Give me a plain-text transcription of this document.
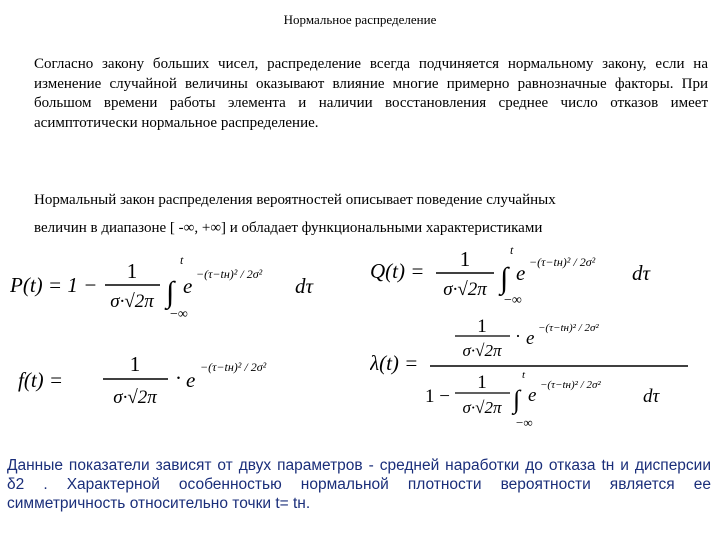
Нормальное распределение
Согласно закону больших чисел, распределение всегда подчиняется нормальному закону, если на изменение случайной величины оказывают влияние многие примерно равнозначные факторы. При большом времени работы элемента и наличии восстановления среднее число отказов имеет асимптотически нормальное распределение.
Нормальный закон распределения вероятностей описывает поведение случайных
величин в диапазоне [ -∞, +∞] и обладает функциональными характеристиками
P(t) = 1 −
1
σ·√2π
t
∫
−∞
e −(τ−tн)² / 2σ² dτ
Q(t) = 1
σ·√2π
t
∫
−∞
e −(τ−tн)² / 2σ² dτ
f(t) =
1
σ·√2π
· e
−(τ−tн)² / 2σ²	λ(t) =
1
σ·√2π
· e −(τ−tн)² / 2σ²
1 −
1
σ·√2π
t
∫
−∞
e −(τ−tн)² / 2σ²
dτ
Данные показатели зависят от двух параметров - средней наработки до отказа tн и дисперсии δ2 . Характерной особенностью нормальной плотности вероятности является ее симметричность относительно точки t= tн.
